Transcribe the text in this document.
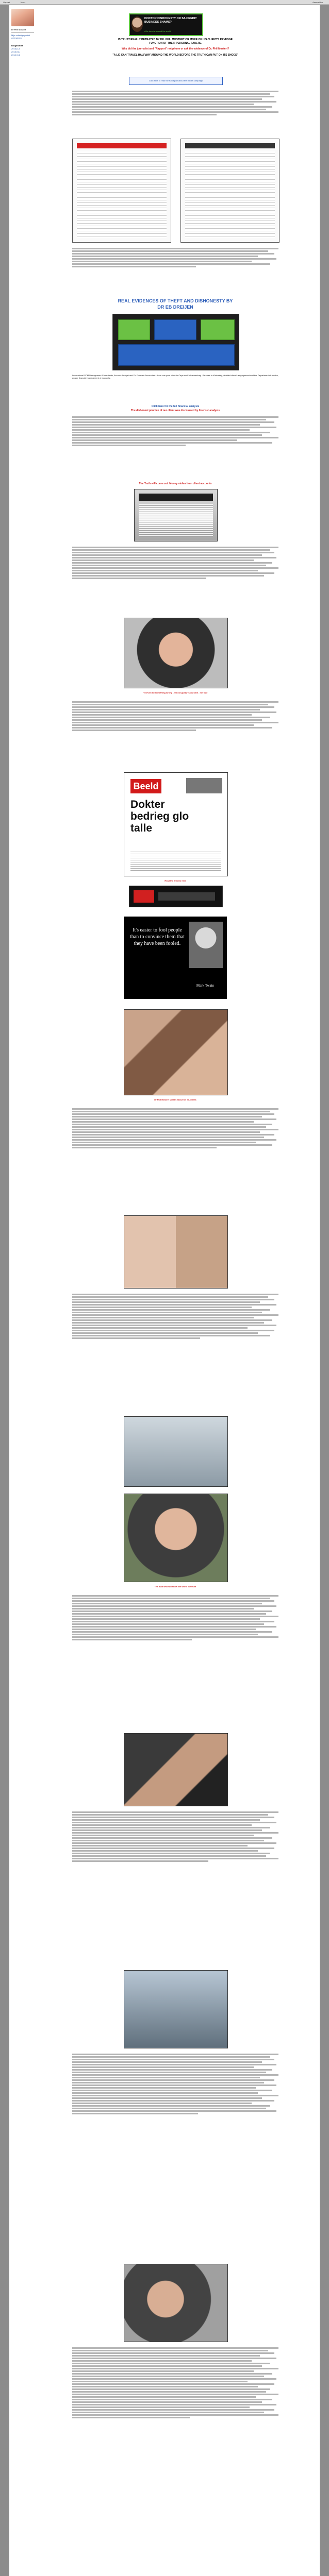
Gepost	Meer	Aanmelden
Dr Phil Mostert
Mijn volledige profiel weergeven
Blogarchief
2016 (12)
2015 (31)
2014 (44)
DOCTOR DISHONESTY OR SA CREDIT BUSINESS SHAMS?
A lie travels around the world
IS TRUST REALLY BETRAYED BY DR. PHIL MOSTERT OR MORE OF HIS CLIENT'S REVENGE
FUNCTION OF THEIR PERSONAL FAULTS.
Why did the journalist and "Rapport" not phone or ask the evidence of Dr. Phil Mostert?
"A LIE CAN TRAVEL HALFWAY AROUND THE WORLD BEFORE THE TRUTH CAN PUT ON ITS SHOES"
Click here to read the full report about the media campaign
REAL EVIDENCES OF THEFT AND DISHONESTY BY
DR EB DREIJEN
International SCM Management Consultants, Account Analyst and Dr. Forensic Accountant - from one your client to Cape and Johannesburg. Services in Kimberley, detailed client's engagement and the Department of Justice, proper financial management of accounts.
Click here for the full financial analysis
The dishonest practice of our client was discovered by forensic analysis
The Truth will come out: Money stolen from client accounts
"I never did something wrong - I'm not guilty" says Smit - not true
Beeld
Dokter bedrieg glo talle
Read the articles here
It's easier to fool people than to convince them that they have been fooled.
Mark Twain
Dr Phil Mostert speaks about his ex-clients
The man who will show the world the truth
